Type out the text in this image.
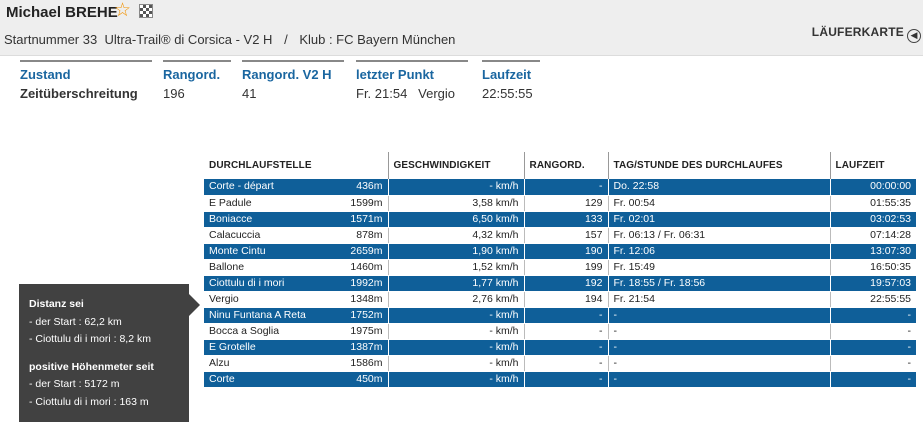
Michael BREHE
☆
Startnummer 33 Ultra-Trail® di Corsica - V2 H / Klub : FC Bayern München	LÄUFERKARTE ◀
Zustand
Zeitüberschreitung
Rangord.
196
Rangord. V2 H
41
letzter Punkt
Fr. 21:54 Vergio
Laufzeit
22:55:55
DURCHLAUFSTELLE	GESCHWINDIGKEIT	RANGORD.	TAG/STUNDE DES DURCHLAUFES	LAUFZEIT
Corte - départ 436m	- km/h	-	Do. 22:58	00:00:00
E Padule 1599m	3,58 km/h	129	Fr. 00:54	01:55:35
Boniacce 1571m	6,50 km/h	133	Fr. 02:01	03:02:53
Calacuccia 878m	4,32 km/h	157	Fr. 06:13 / Fr. 06:31	07:14:28
Monte Cintu 2659m	1,90 km/h	190	Fr. 12:06	13:07:30
Ballone 1460m	1,52 km/h	199	Fr. 15:49	16:50:35
Ciottulu di i mori 1992m	1,77 km/h	192	Fr. 18:55 / Fr. 18:56	19:57:03
Vergio 1348m	2,76 km/h	194	Fr. 21:54	22:55:55
Ninu Funtana A Reta 1752m	- km/h	-	-	-
Bocca a Soglia 1975m	- km/h	-	-	-
E Grotelle 1387m	- km/h	-	-	-
Alzu 1586m	- km/h	-	-	-
Corte 450m	- km/h	-	-	-
Distanz sei
- der Start : 62,2 km
- Ciottulu di i mori : 8,2 km
positive Höhenmeter seit
- der Start : 5172 m
- Ciottulu di i mori : 163 m
